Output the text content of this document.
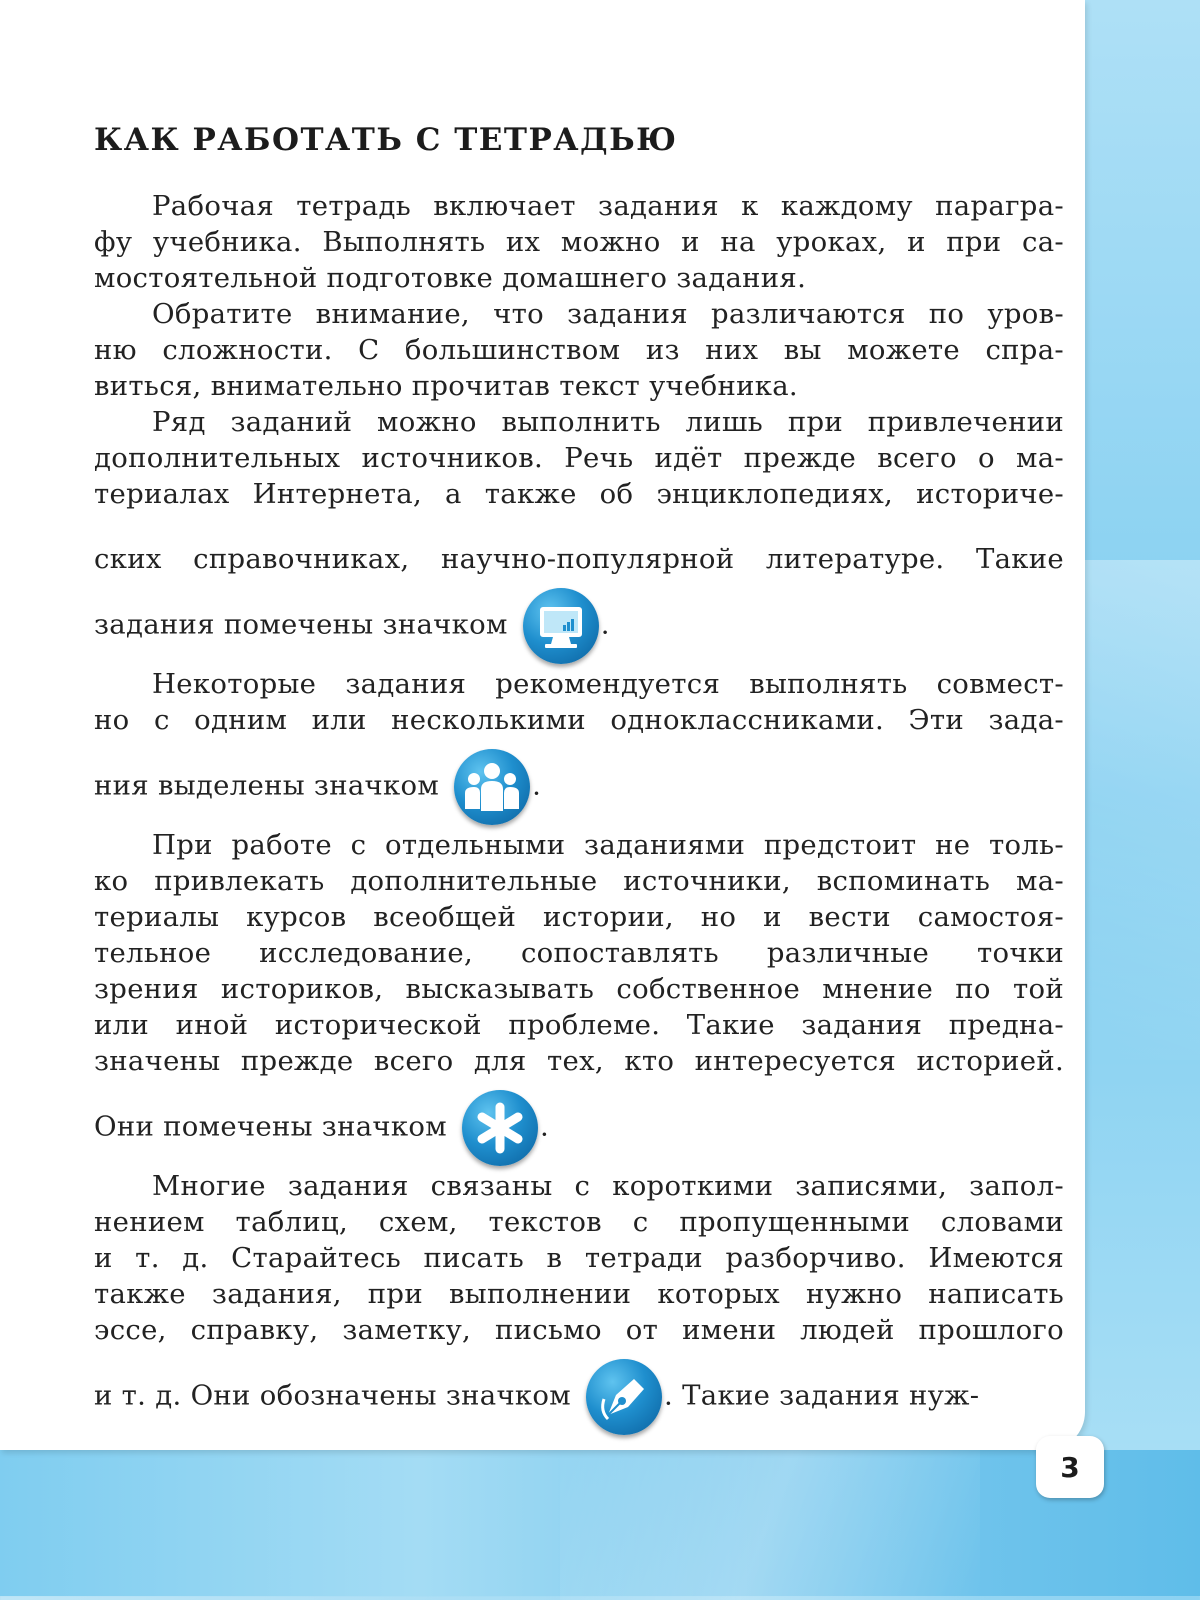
КАК РАБОТАТЬ С ТЕТРАДЬЮ
Рабочая тетрадь включает задания к каждому парагра-
фу учебника. Выполнять их можно и на уроках, и при са-
мостоятельной подготовке домашнего задания.
Обратите внимание, что задания различаются по уров-
ню сложности. С большинством из них вы можете спра-
виться, внимательно прочитав текст учебника.
Ряд заданий можно выполнить лишь при привлечении
дополнительных источников. Речь идёт прежде всего о ма-
териалах Интернета, а также об энциклопедиях, историче-
ских справочниках, научно-популярной литературе. Такие
задания помечены значком	.
Некоторые задания рекомендуется выполнять совмест-
но с одним или несколькими одноклассниками. Эти зада-
ния выделены значком	.
При работе с отдельными заданиями предстоит не толь-
ко привлекать дополнительные источники, вспоминать ма-
териалы курсов всеобщей истории, но и вести самостоя-
тельное исследование, сопоставлять различные точки
зрения историков, высказывать собственное мнение по той
или иной исторической проблеме. Такие задания предна-
значены прежде всего для тех, кто интересуется историей.
Они помечены значком	.
Многие задания связаны с короткими записями, запол-
нением таблиц, схем, текстов с пропущенными словами
и т. д. Старайтесь писать в тетради разборчиво. Имеются
также задания, при выполнении которых нужно написать
эссе, справку, заметку, письмо от имени людей прошлого
и т. д. Они обозначены значком	. Такие задания нуж-
3
